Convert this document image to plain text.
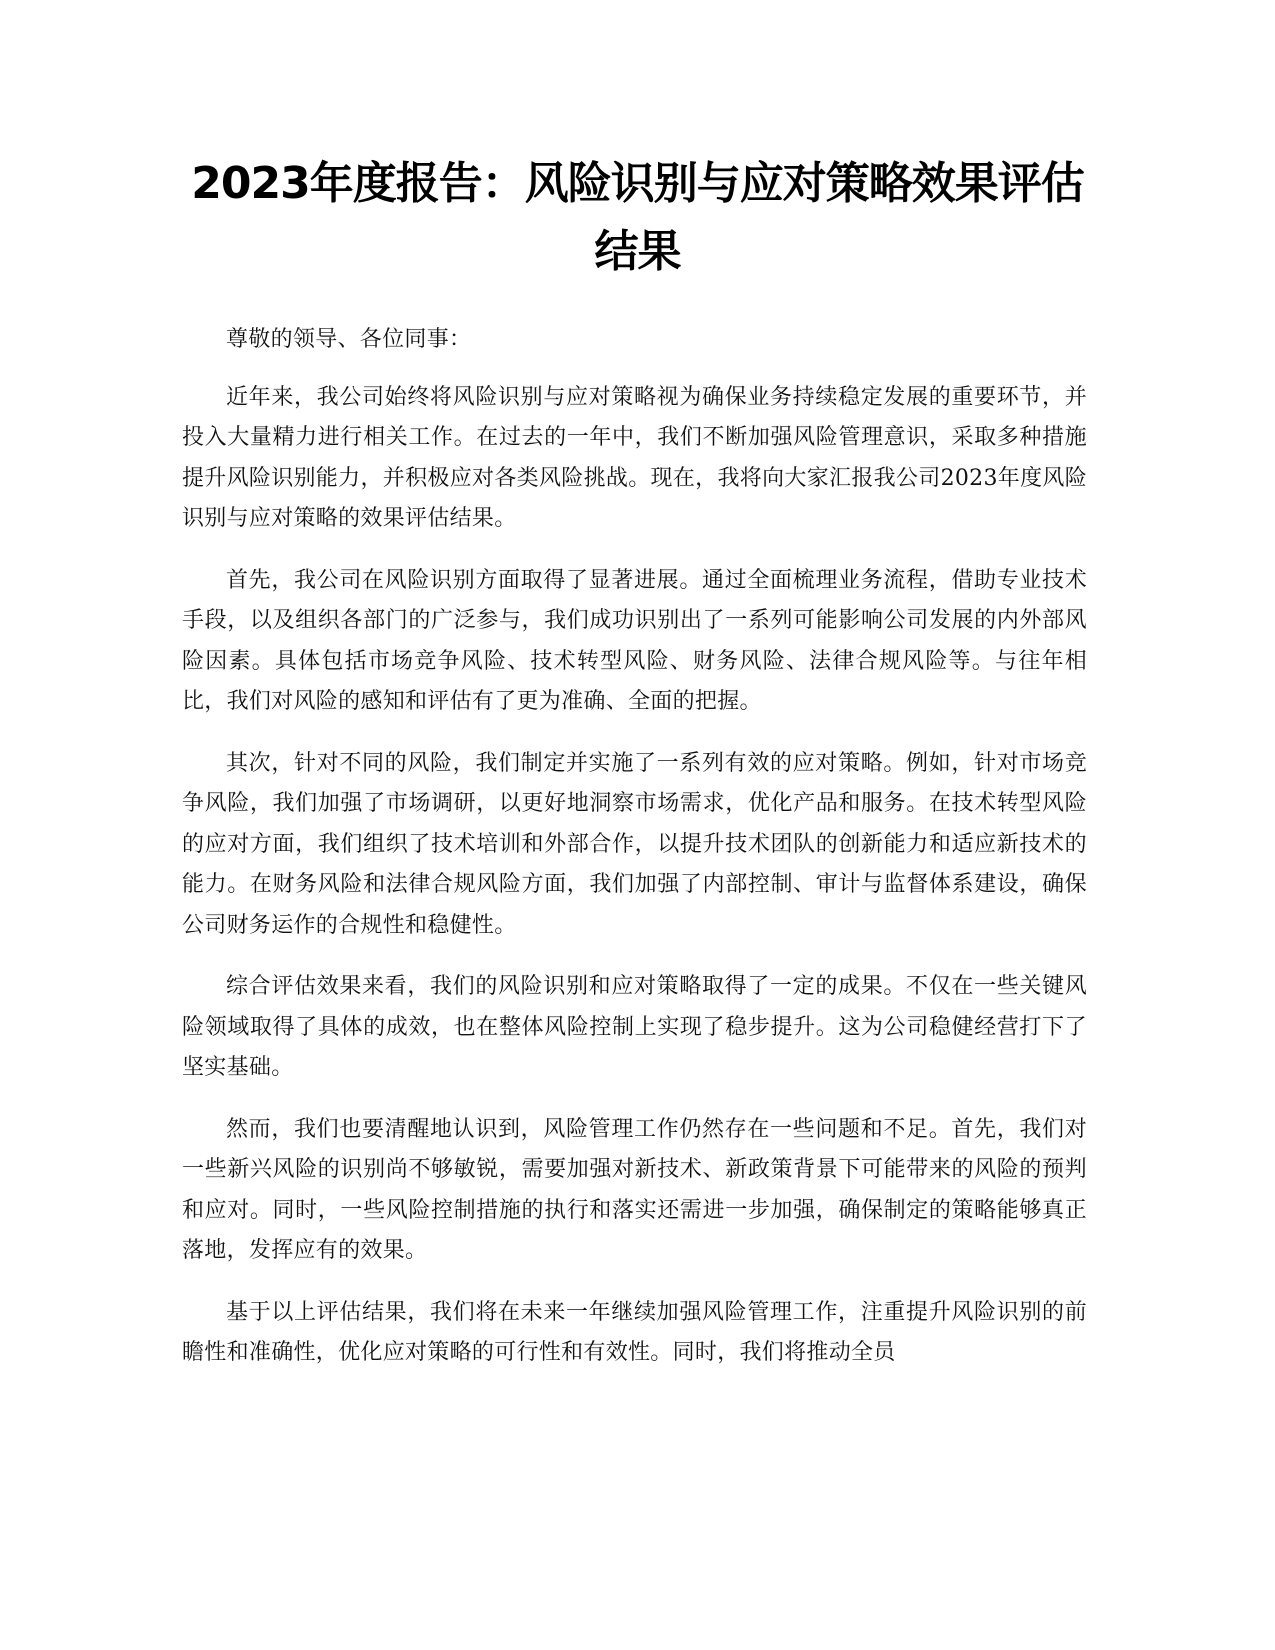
2023年度报告：风险识别与应对策略效果评估结果

尊敬的领导、各位同事：

近年来，我公司始终将风险识别与应对策略视为确保业务持续稳定发展的重要环节，并投入大量精力进行相关工作。在过去的一年中，我们不断加强风险管理意识，采取多种措施提升风险识别能力，并积极应对各类风险挑战。现在，我将向大家汇报我公司2023年度风险识别与应对策略的效果评估结果。

首先，我公司在风险识别方面取得了显著进展。通过全面梳理业务流程，借助专业技术手段，以及组织各部门的广泛参与，我们成功识别出了一系列可能影响公司发展的内外部风险因素。具体包括市场竞争风险、技术转型风险、财务风险、法律合规风险等。与往年相比，我们对风险的感知和评估有了更为准确、全面的把握。

其次，针对不同的风险，我们制定并实施了一系列有效的应对策略。例如，针对市场竞争风险，我们加强了市场调研，以更好地洞察市场需求，优化产品和服务。在技术转型风险的应对方面，我们组织了技术培训和外部合作，以提升技术团队的创新能力和适应新技术的能力。在财务风险和法律合规风险方面，我们加强了内部控制、审计与监督体系建设，确保公司财务运作的合规性和稳健性。

综合评估效果来看，我们的风险识别和应对策略取得了一定的成果。不仅在一些关键风险领域取得了具体的成效，也在整体风险控制上实现了稳步提升。这为公司稳健经营打下了坚实基础。

然而，我们也要清醒地认识到，风险管理工作仍然存在一些问题和不足。首先，我们对一些新兴风险的识别尚不够敏锐，需要加强对新技术、新政策背景下可能带来的风险的预判和应对。同时，一些风险控制措施的执行和落实还需进一步加强，确保制定的策略能够真正落地，发挥应有的效果。

基于以上评估结果，我们将在未来一年继续加强风险管理工作，注重提升风险识别的前瞻性和准确性，优化应对策略的可行性和有效性。同时，我们将推动全员
